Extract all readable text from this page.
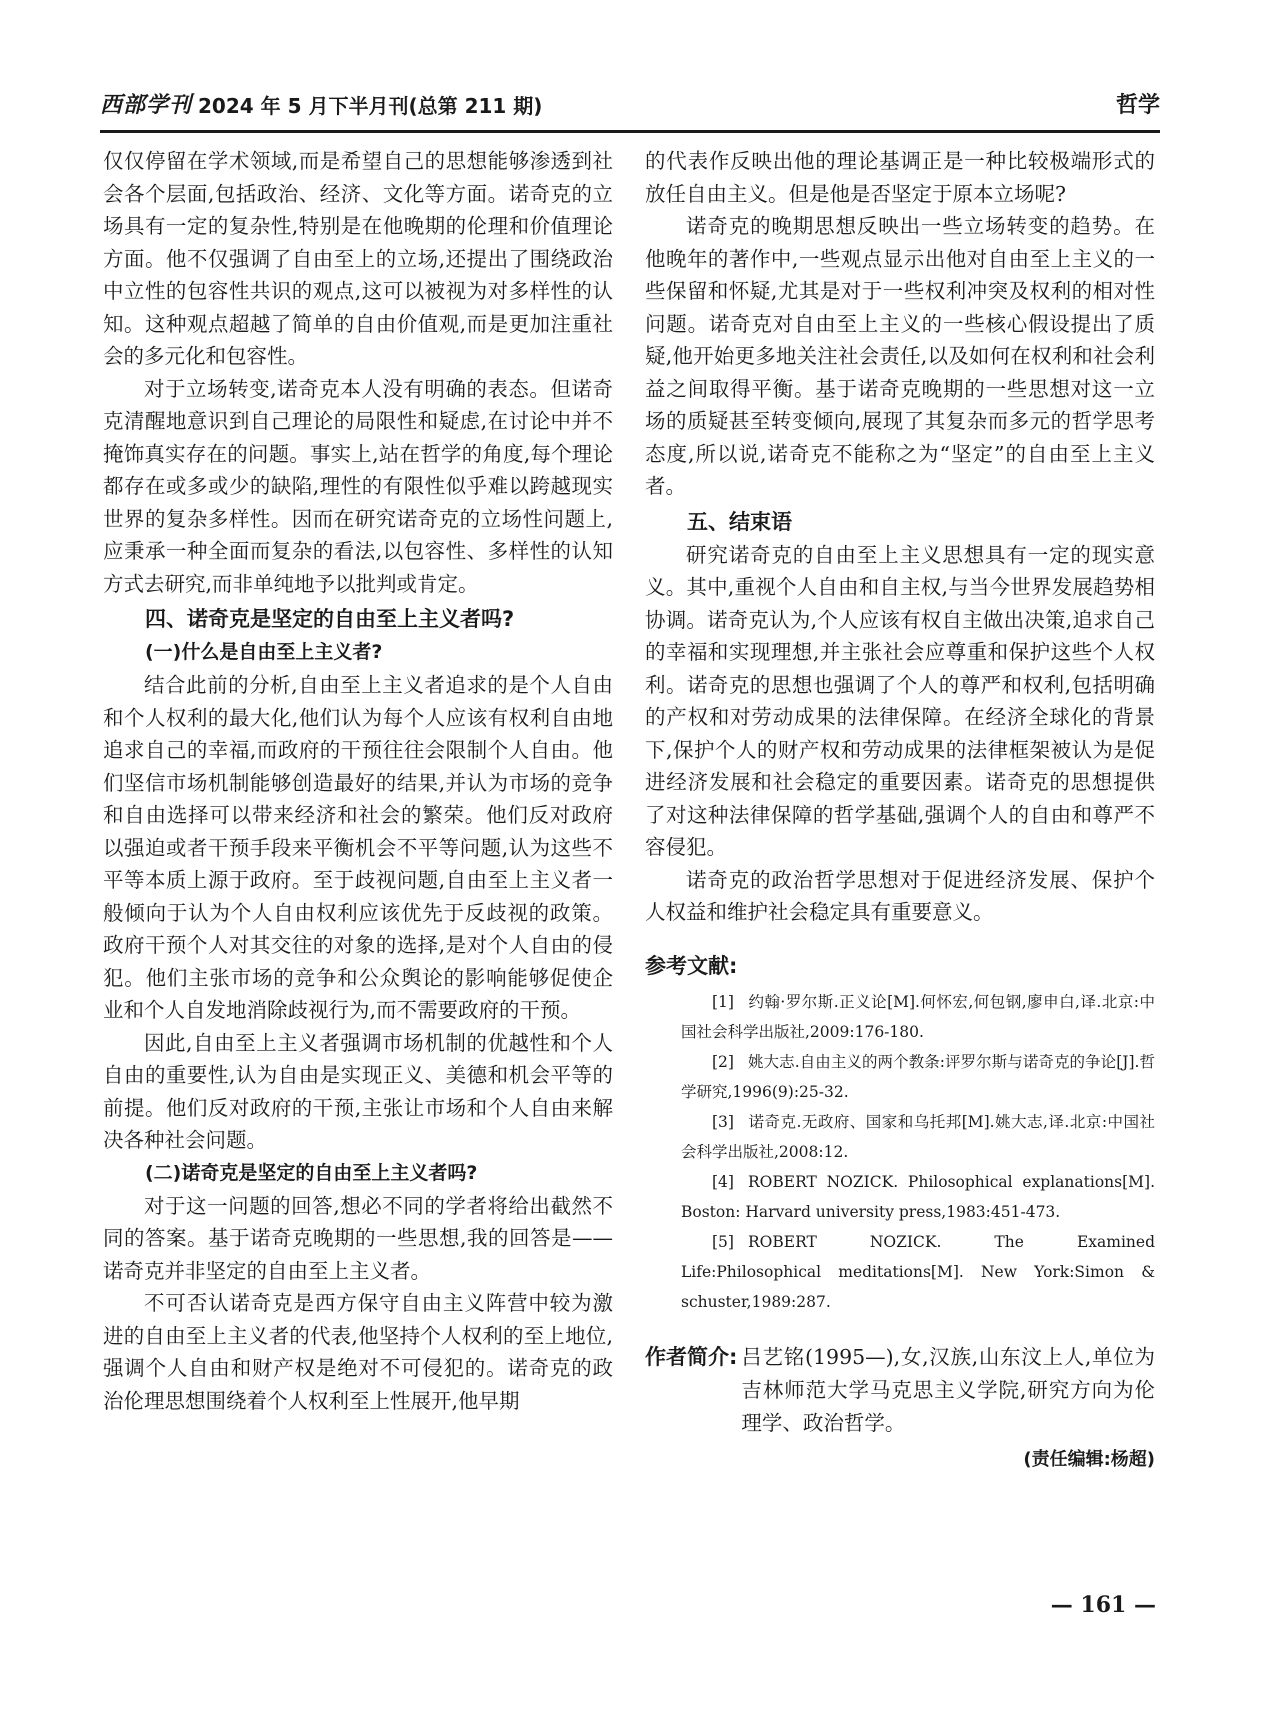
西部学刊 2024 年 5 月下半月刊(总第 211 期)	哲学

仅仅停留在学术领域,而是希望自己的思想能够渗透到社会各个层面,包括政治、经济、文化等方面。诺奇克的立场具有一定的复杂性,特别是在他晚期的伦理和价值理论方面。他不仅强调了自由至上的立场,还提出了围绕政治中立性的包容性共识的观点,这可以被视为对多样性的认知。这种观点超越了简单的自由价值观,而是更加注重社会的多元化和包容性。

对于立场转变,诺奇克本人没有明确的表态。但诺奇克清醒地意识到自己理论的局限性和疑虑,在讨论中并不掩饰真实存在的问题。事实上,站在哲学的角度,每个理论都存在或多或少的缺陷,理性的有限性似乎难以跨越现实世界的复杂多样性。因而在研究诺奇克的立场性问题上,应秉承一种全面而复杂的看法,以包容性、多样性的认知方式去研究,而非单纯地予以批判或肯定。

四、诺奇克是坚定的自由至上主义者吗?
(一)什么是自由至上主义者?

结合此前的分析,自由至上主义者追求的是个人自由和个人权利的最大化,他们认为每个人应该有权利自由地追求自己的幸福,而政府的干预往往会限制个人自由。他们坚信市场机制能够创造最好的结果,并认为市场的竞争和自由选择可以带来经济和社会的繁荣。他们反对政府以强迫或者干预手段来平衡机会不平等问题,认为这些不平等本质上源于政府。至于歧视问题,自由至上主义者一般倾向于认为个人自由权利应该优先于反歧视的政策。政府干预个人对其交往的对象的选择,是对个人自由的侵犯。他们主张市场的竞争和公众舆论的影响能够促使企业和个人自发地消除歧视行为,而不需要政府的干预。

因此,自由至上主义者强调市场机制的优越性和个人自由的重要性,认为自由是实现正义、美德和机会平等的前提。他们反对政府的干预,主张让市场和个人自由来解决各种社会问题。

(二)诺奇克是坚定的自由至上主义者吗?

对于这一问题的回答,想必不同的学者将给出截然不同的答案。基于诺奇克晚期的一些思想,我的回答是——诺奇克并非坚定的自由至上主义者。

不可否认诺奇克是西方保守自由主义阵营中较为激进的自由至上主义者的代表,他坚持个人权利的至上地位,强调个人自由和财产权是绝对不可侵犯的。诺奇克的政治伦理思想围绕着个人权利至上性展开,他早期

的代表作反映出他的理论基调正是一种比较极端形式的放任自由主义。但是他是否坚定于原本立场呢?

诺奇克的晚期思想反映出一些立场转变的趋势。在他晚年的著作中,一些观点显示出他对自由至上主义的一些保留和怀疑,尤其是对于一些权利冲突及权利的相对性问题。诺奇克对自由至上主义的一些核心假设提出了质疑,他开始更多地关注社会责任,以及如何在权利和社会利益之间取得平衡。基于诺奇克晚期的一些思想对这一立场的质疑甚至转变倾向,展现了其复杂而多元的哲学思考态度,所以说,诺奇克不能称之为“坚定”的自由至上主义者。

五、结束语

研究诺奇克的自由至上主义思想具有一定的现实意义。其中,重视个人自由和自主权,与当今世界发展趋势相协调。诺奇克认为,个人应该有权自主做出决策,追求自己的幸福和实现理想,并主张社会应尊重和保护这些个人权利。诺奇克的思想也强调了个人的尊严和权利,包括明确的产权和对劳动成果的法律保障。在经济全球化的背景下,保护个人的财产权和劳动成果的法律框架被认为是促进经济发展和社会稳定的重要因素。诺奇克的思想提供了对这种法律保障的哲学基础,强调个人的自由和尊严不容侵犯。

诺奇克的政治哲学思想对于促进经济发展、保护个人权益和维护社会稳定具有重要意义。

参考文献:

[1] 约翰·罗尔斯.正义论[M].何怀宏,何包钢,廖申白,译.北京:中国社会科学出版社,2009:176-180.

[2] 姚大志.自由主义的两个教条:评罗尔斯与诺奇克的争论[J].哲学研究,1996(9):25-32.

[3] 诺奇克.无政府、国家和乌托邦[M].姚大志,译.北京:中国社会科学出版社,2008:12.

[4] ROBERT NOZICK. Philosophical explanations[M]. Boston: Harvard university press,1983:451-473.

[5] ROBERT NOZICK. The Examined Life:Philosophical meditations[M]. New York:Simon & schuster,1989:287.

作者简介: 吕艺铭(1995—),女,汉族,山东汶上人,单位为吉林师范大学马克思主义学院,研究方向为伦理学、政治哲学。
(责任编辑:杨超)
— 161 —
